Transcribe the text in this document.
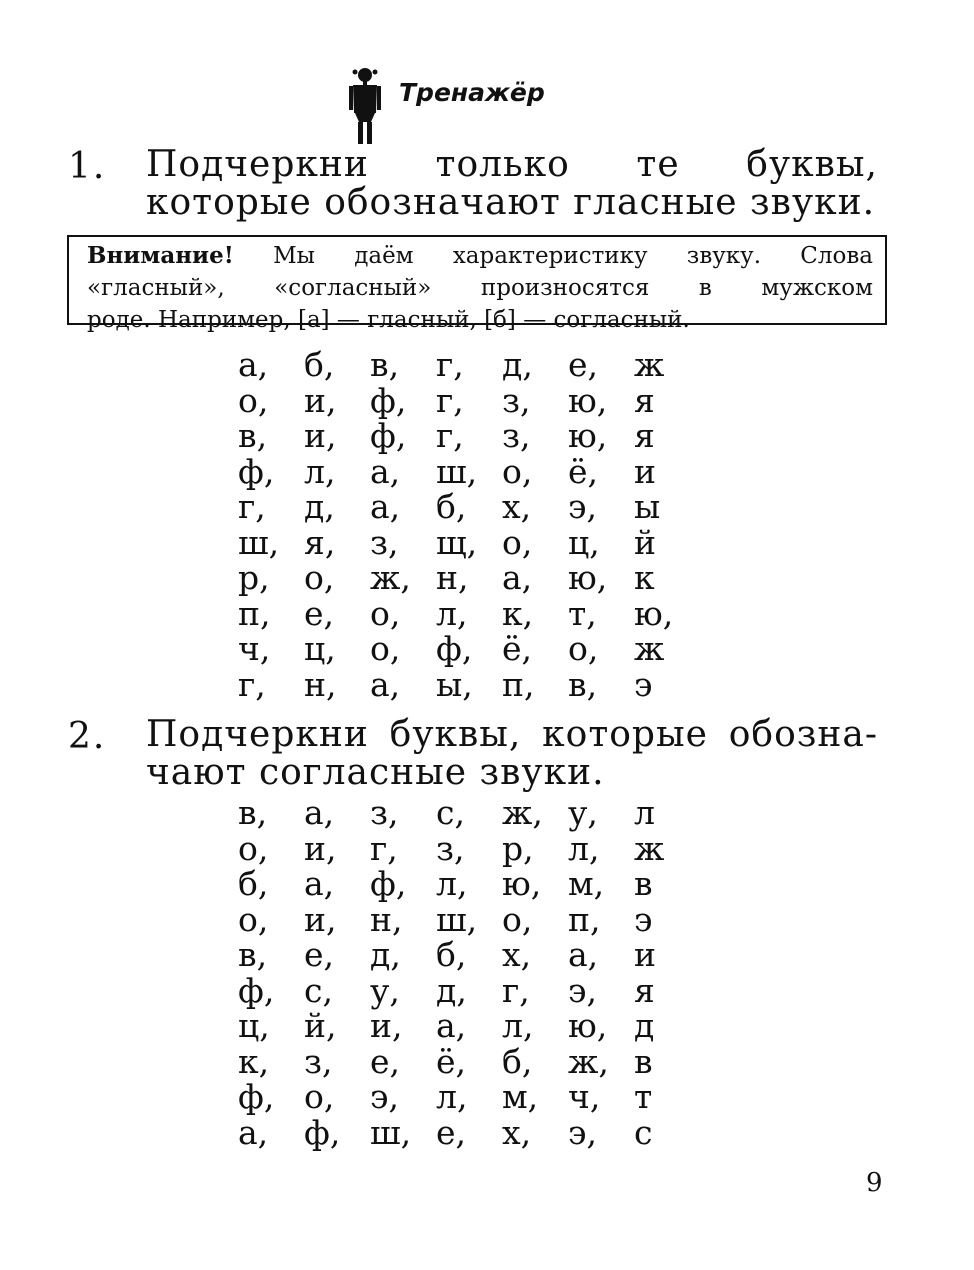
Тренажёр
1. Подчеркни только те буквы,
которые обозначают гласные звуки.
Внимание! Мы даём характеристику звуку. Слова
«гласный», «согласный» произносятся в мужском
роде. Например, [а] — гласный, [б] — согласный.
а, б, в, г, д, е, ж
о, и, ф, г, з, ю, я
в, и, ф, г, з, ю, я
ф, л, а, ш, о, ё, и
г, д, а, б, х, э, ы
ш, я, з, щ, о, ц, й
р, о, ж, н, а, ю, к
п, е, о, л, к, т, ю,
ч, ц, о, ф, ё, о, ж
г, н, а, ы, п, в, э
2. Подчеркни буквы, которые обозна-
чают согласные звуки.
в, а, з, с, ж, у, л
о, и, г, з, р, л, ж
б, а, ф, л, ю, м, в
о, и, н, ш, о, п, э
в, е, д, б, х, а, и
ф, с, у, д, г, э, я
ц, й, и, а, л, ю, д
к, з, е, ё, б, ж, в
ф, о, э, л, м, ч, т
а, ф, ш, е, х, э, с
9
